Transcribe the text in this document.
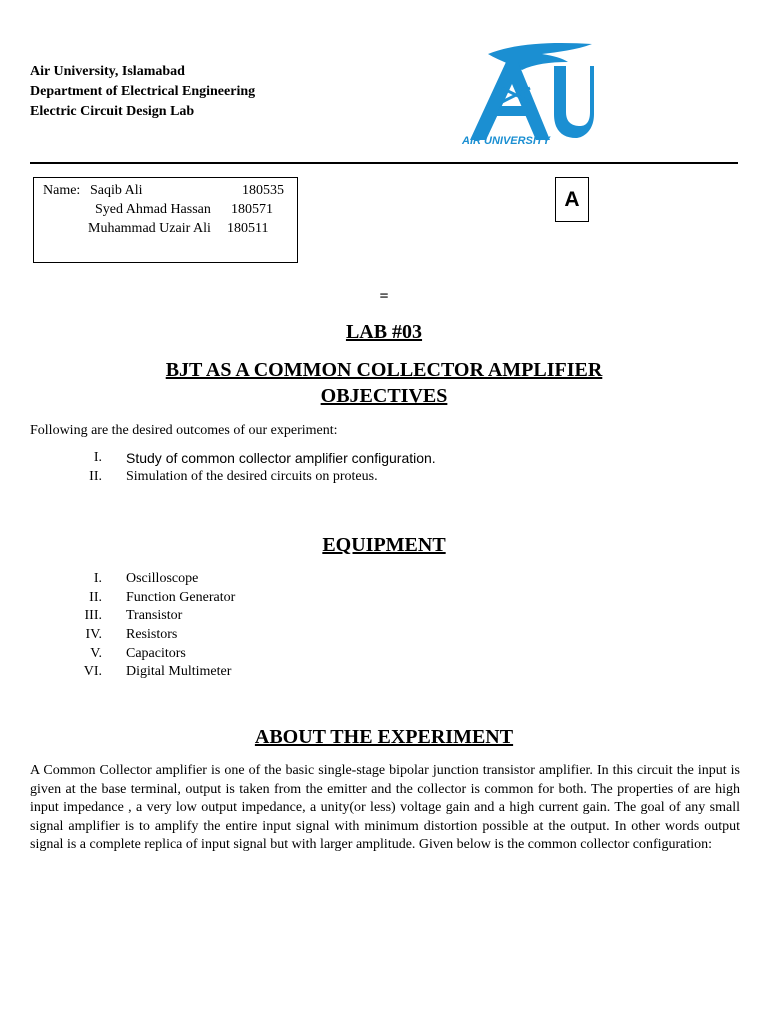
Air University, Islamabad
Department of Electrical Engineering
Electric Circuit Design Lab
AIR UNIVERSITY
Name: Saqib Ali	180535
Syed Ahmad Hassan 180571
Muhammad Uzair Ali 180511
A
=
LAB #03
BJT AS A COMMON COLLECTOR AMPLIFIER
OBJECTIVES
Following are the desired outcomes of our experiment:
I. Study of common collector amplifier configuration.
II. Simulation of the desired circuits on proteus.
EQUIPMENT
I. Oscilloscope
II. Function Generator
III. Transistor
IV. Resistors
V. Capacitors
VI. Digital Multimeter
ABOUT THE EXPERIMENT
A Common Collector amplifier is one of the basic single-stage bipolar junction transistor amplifier. In this circuit the input is given at the base terminal, output is taken from the emitter and the collector is common for both. The properties of are high input impedance , a very low output impedance, a unity(or less) voltage gain and a high current gain. The goal of any small signal amplifier is to amplify the entire input signal with minimum distortion possible at the output. In other words output signal is a complete replica of input signal but with larger amplitude. Given below is the common collector configuration:
